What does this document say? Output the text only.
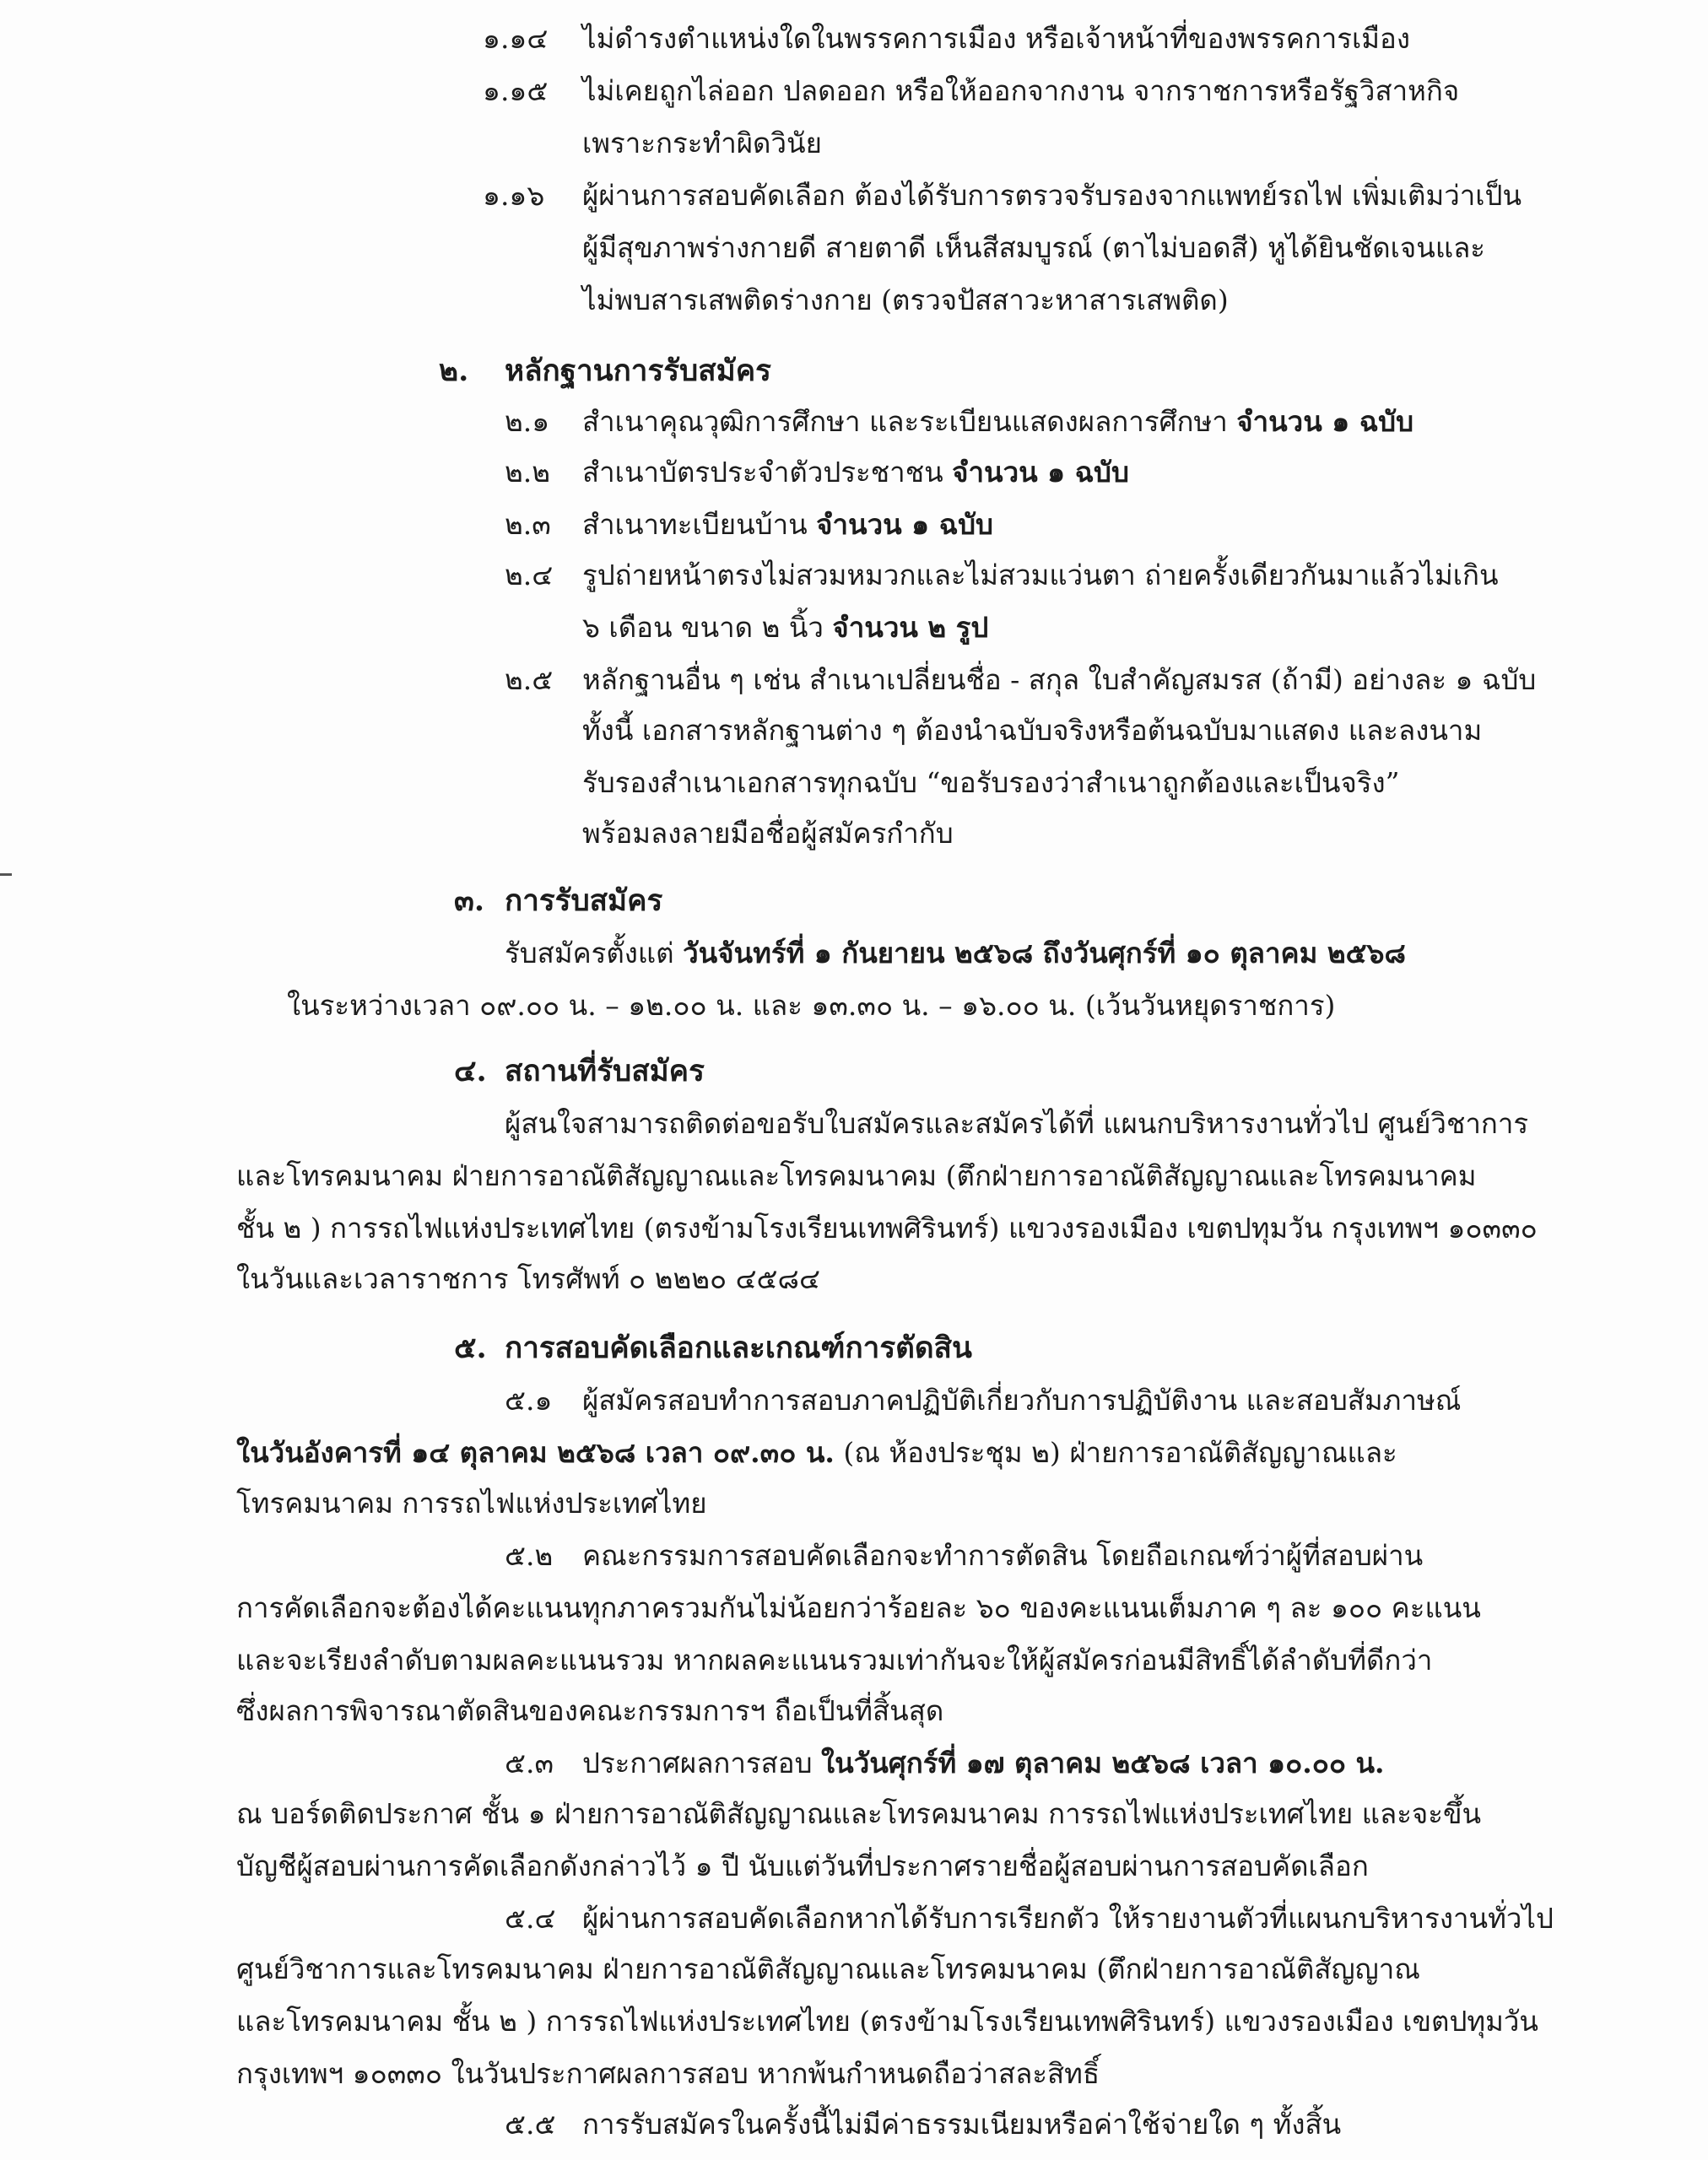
๑.๑๔ ไม่ดำรงตำแหน่งใดในพรรคการเมือง หรือเจ้าหน้าที่ของพรรคการเมือง
๑.๑๕ ไม่เคยถูกไล่ออก ปลดออก หรือให้ออกจากงาน จากราชการหรือรัฐวิสาหกิจ
เพราะกระทำผิดวินัย
๑.๑๖ ผู้ผ่านการสอบคัดเลือก ต้องได้รับการตรวจรับรองจากแพทย์รถไฟ เพิ่มเติมว่าเป็น
ผู้มีสุขภาพร่างกายดี สายตาดี เห็นสีสมบูรณ์ (ตาไม่บอดสี) หูได้ยินชัดเจนและ
ไม่พบสารเสพติดร่างกาย (ตรวจปัสสาวะหาสารเสพติด)
๒. หลักฐานการรับสมัคร
๒.๑ สำเนาคุณวุฒิการศึกษา และระเบียนแสดงผลการศึกษา จำนวน ๑ ฉบับ
๒.๒ สำเนาบัตรประจำตัวประชาชน จำนวน ๑ ฉบับ
๒.๓ สำเนาทะเบียนบ้าน จำนวน ๑ ฉบับ
๒.๔ รูปถ่ายหน้าตรงไม่สวมหมวกและไม่สวมแว่นตา ถ่ายครั้งเดียวกันมาแล้วไม่เกิน
๖ เดือน ขนาด ๒ นิ้ว จำนวน ๒ รูป
๒.๕ หลักฐานอื่น ๆ เช่น สำเนาเปลี่ยนชื่อ - สกุล ใบสำคัญสมรส (ถ้ามี) อย่างละ ๑ ฉบับ
ทั้งนี้ เอกสารหลักฐานต่าง ๆ ต้องนำฉบับจริงหรือต้นฉบับมาแสดง และลงนาม
รับรองสำเนาเอกสารทุกฉบับ “ขอรับรองว่าสำเนาถูกต้องและเป็นจริง”
พร้อมลงลายมือชื่อผู้สมัครกำกับ
๓. การรับสมัคร
รับสมัครตั้งแต่ วันจันทร์ที่ ๑ กันยายน ๒๕๖๘ ถึงวันศุกร์ที่ ๑๐ ตุลาคม ๒๕๖๘
ในระหว่างเวลา ๐๙.๐๐ น. – ๑๒.๐๐ น. และ ๑๓.๓๐ น. – ๑๖.๐๐ น. (เว้นวันหยุดราชการ)
๔. สถานที่รับสมัคร
ผู้สนใจสามารถติดต่อขอรับใบสมัครและสมัครได้ที่ แผนกบริหารงานทั่วไป ศูนย์วิชาการ
และโทรคมนาคม ฝ่ายการอาณัติสัญญาณและโทรคมนาคม (ตึกฝ่ายการอาณัติสัญญาณและโทรคมนาคม
ชั้น ๒ ) การรถไฟแห่งประเทศไทย (ตรงข้ามโรงเรียนเทพศิรินทร์) แขวงรองเมือง เขตปทุมวัน กรุงเทพฯ ๑๐๓๓๐
ในวันและเวลาราชการ โทรศัพท์ ๐ ๒๒๒๐ ๔๕๘๔
๕. การสอบคัดเลือกและเกณฑ์การตัดสิน
๕.๑ ผู้สมัครสอบทำการสอบภาคปฏิบัติเกี่ยวกับการปฏิบัติงาน และสอบสัมภาษณ์
ในวันอังคารที่ ๑๔ ตุลาคม ๒๕๖๘ เวลา ๐๙.๓๐ น. (ณ ห้องประชุม ๒) ฝ่ายการอาณัติสัญญาณและ
โทรคมนาคม การรถไฟแห่งประเทศไทย
๕.๒ คณะกรรมการสอบคัดเลือกจะทำการตัดสิน โดยถือเกณฑ์ว่าผู้ที่สอบผ่าน
การคัดเลือกจะต้องได้คะแนนทุกภาครวมกันไม่น้อยกว่าร้อยละ ๖๐ ของคะแนนเต็มภาค ๆ ละ ๑๐๐ คะแนน
และจะเรียงลำดับตามผลคะแนนรวม หากผลคะแนนรวมเท่ากันจะให้ผู้สมัครก่อนมีสิทธิ์ได้ลำดับที่ดีกว่า
ซึ่งผลการพิจารณาตัดสินของคณะกรรมการฯ ถือเป็นที่สิ้นสุด
๕.๓ ประกาศผลการสอบ ในวันศุกร์ที่ ๑๗ ตุลาคม ๒๕๖๘ เวลา ๑๐.๐๐ น.
ณ บอร์ดติดประกาศ ชั้น ๑ ฝ่ายการอาณัติสัญญาณและโทรคมนาคม การรถไฟแห่งประเทศไทย และจะขึ้น
บัญชีผู้สอบผ่านการคัดเลือกดังกล่าวไว้ ๑ ปี นับแต่วันที่ประกาศรายชื่อผู้สอบผ่านการสอบคัดเลือก
๕.๔ ผู้ผ่านการสอบคัดเลือกหากได้รับการเรียกตัว ให้รายงานตัวที่แผนกบริหารงานทั่วไป
ศูนย์วิชาการและโทรคมนาคม ฝ่ายการอาณัติสัญญาณและโทรคมนาคม (ตึกฝ่ายการอาณัติสัญญาณ
และโทรคมนาคม ชั้น ๒ ) การรถไฟแห่งประเทศไทย (ตรงข้ามโรงเรียนเทพศิรินทร์) แขวงรองเมือง เขตปทุมวัน
กรุงเทพฯ ๑๐๓๓๐ ในวันประกาศผลการสอบ หากพ้นกำหนดถือว่าสละสิทธิ์
๕.๕ การรับสมัครในครั้งนี้ไม่มีค่าธรรมเนียมหรือค่าใช้จ่ายใด ๆ ทั้งสิ้น
